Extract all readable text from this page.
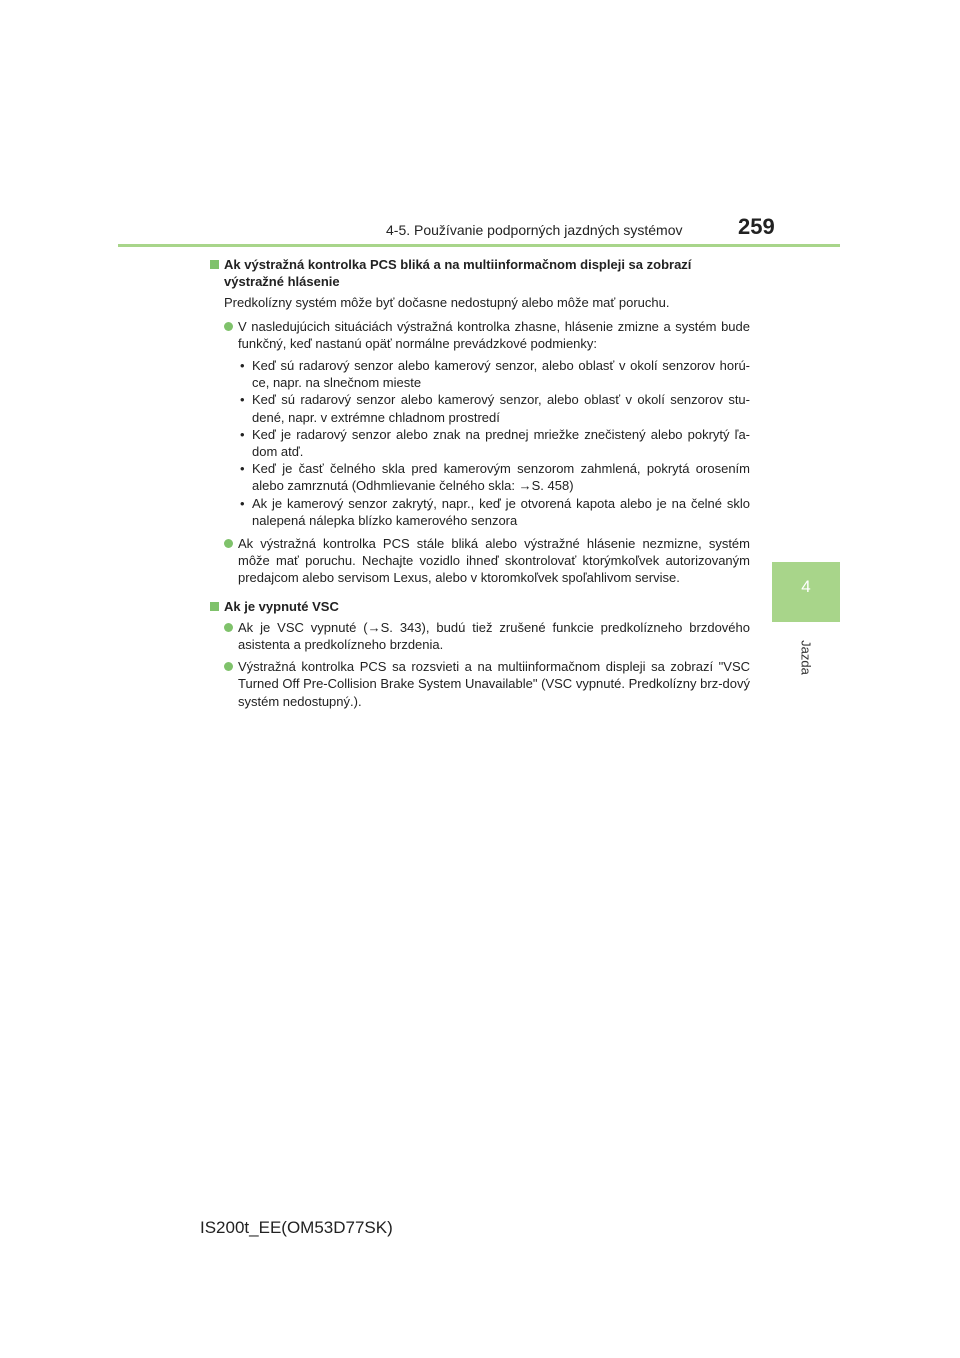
4-5. Používanie podporných jazdných systémov	259
4
Jazda
Ak výstražná kontrolka PCS bliká a na multiinformačnom displeji sa zobrazí výstražné hlásenie
Predkolízny systém môže byť dočasne nedostupný alebo môže mať poruchu.
V nasledujúcich situáciách výstražná kontrolka zhasne, hlásenie zmizne a systém bude funkčný, keď nastanú opäť normálne prevádzkové podmienky:
• Keď sú radarový senzor alebo kamerový senzor, alebo oblasť v okolí senzorov horú-ce, napr. na slnečnom mieste
• Keď sú radarový senzor alebo kamerový senzor, alebo oblasť v okolí senzorov stu-dené, napr. v extrémne chladnom prostredí
• Keď je radarový senzor alebo znak na prednej mriežke znečistený alebo pokrytý ľa-dom atď.
• Keď je časť čelného skla pred kamerovým senzorom zahmlená, pokrytá orosením alebo zamrznutá (Odhmlievanie čelného skla: →S. 458)
• Ak je kamerový senzor zakrytý, napr., keď je otvorená kapota alebo je na čelné sklo nalepená nálepka blízko kamerového senzora
Ak výstražná kontrolka PCS stále bliká alebo výstražné hlásenie nezmizne, systém môže mať poruchu. Nechajte vozidlo ihneď skontrolovať ktorýmkoľvek autorizovaným predajcom alebo servisom Lexus, alebo v ktoromkoľvek spoľahlivom servise.
Ak je vypnuté VSC
Ak je VSC vypnuté (→S. 343), budú tiež zrušené funkcie predkolízneho brzdového asistenta a predkolízneho brzdenia.
Výstražná kontrolka PCS sa rozsvieti a na multiinformačnom displeji sa zobrazí "VSC Turned Off Pre-Collision Brake System Unavailable" (VSC vypnuté. Predkolízny brz-dový systém nedostupný.).
IS200t_EE(OM53D77SK)
